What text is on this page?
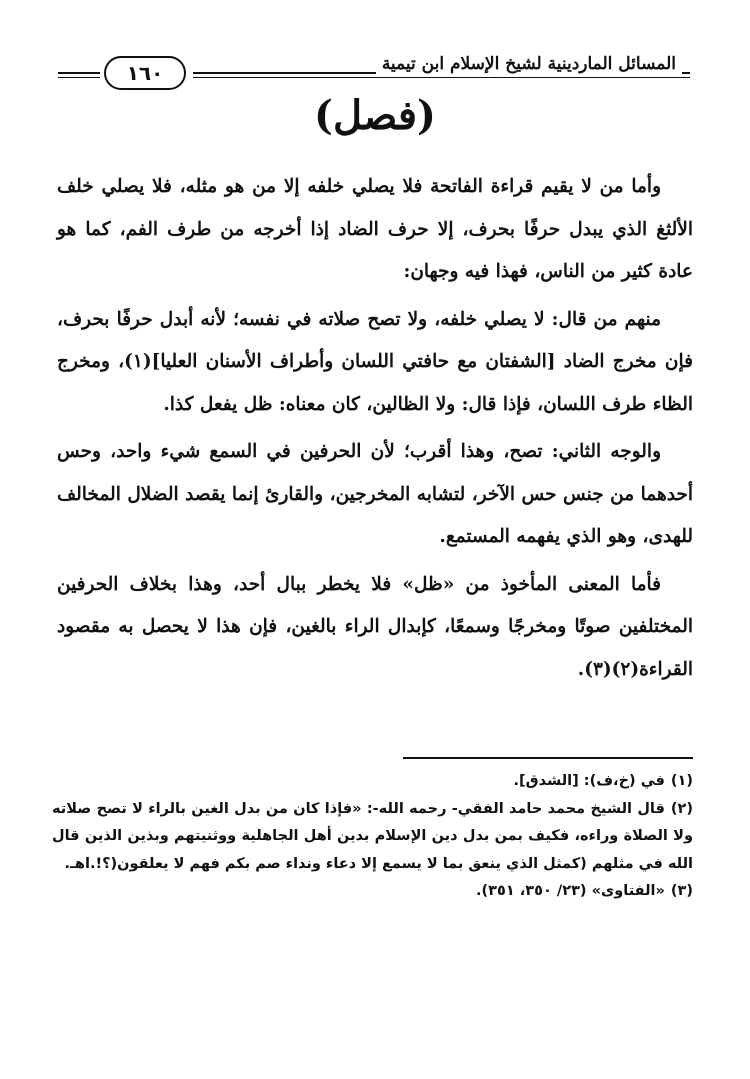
المسائل الماردينية لشيخ الإسلام ابن تيمية
١٦٠
(فصل)

وأما من لا يقيم قراءة الفاتحة فلا يصلي خلفه إلا من هو مثله، فلا يصلي خلف الألثغ الذي يبدل حرفًا بحرف، إلا حرف الضاد إذا أخرجه من طرف الفم، كما هو عادة كثير من الناس، فهذا فيه وجهان:

منهم من قال: لا يصلي خلفه، ولا تصح صلاته في نفسه؛ لأنه أبدل حرفًا بحرف، فإن مخرج الضاد [الشفتان مع حافتي اللسان وأطراف الأسنان العليا](١)، ومخرج الظاء طرف اللسان، فإذا قال: ولا الظالين، كان معناه: ظل يفعل كذا.

والوجه الثاني: تصح، وهذا أقرب؛ لأن الحرفين في السمع شيء واحد، وحس أحدهما من جنس حس الآخر، لتشابه المخرجين، والقارئ إنما يقصد الضلال المخالف للهدى، وهو الذي يفهمه المستمع.

فأما المعنى المأخوذ من «ظل» فلا يخطر ببال أحد، وهذا بخلاف الحرفين المختلفين صوتًا ومخرجًا وسمعًا، كإبدال الراء بالغين، فإن هذا لا يحصل به مقصود القراءة(٢)(٣).

(١)في (خ،ف): [الشدق].

(٢)قال الشيخ محمد حامد الفقي- رحمه الله-: «فإذا كان من بدل الغين بالراء لا تصح صلاته ولا الصلاة وراءه، فكيف بمن بدل دين الإسلام بدين أهل الجاهلية ووثنيتهم وبذين الذين قال الله في مثلهم (كمثل الذي ينعق بما لا يسمع إلا دعاء ونداء صم بكم فهم لا يعلقون(؟!.اهـ.

(٣)«الفتاوى» (٢٣/ ٣٥٠، ٣٥١).
